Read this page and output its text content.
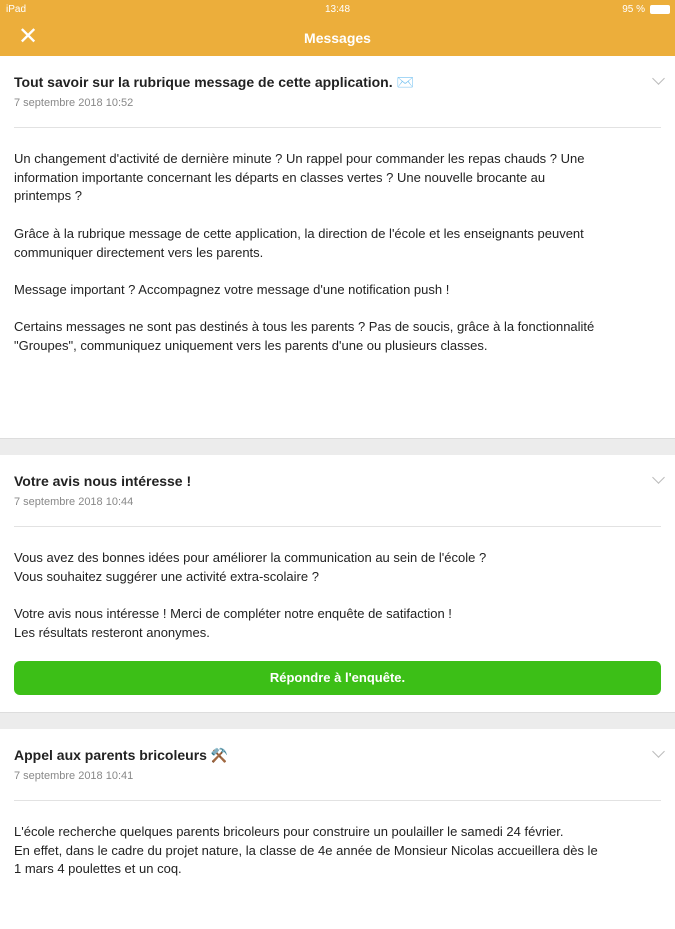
iPad	13:48	95 %
✕	Messages
Tout savoir sur la rubrique message de cette application. ✉️
7 septembre 2018 10:52

Un changement d'activité de dernière minute ? Un rappel pour commander les repas chauds ? Une
information importante concernant les départs en classes vertes ? Une nouvelle brocante au
printemps ?

Grâce à la rubrique message de cette application, la direction de l'école et les enseignants peuvent
communiquer directement vers les parents.

Message important ? Accompagnez votre message d'une notification push !

Certains messages ne sont pas destinés à tous les parents ? Pas de soucis, grâce à la fonctionnalité
"Groupes", communiquez uniquement vers les parents d'une ou plusieurs classes.

Votre avis nous intéresse !
7 septembre 2018 10:44

Vous avez des bonnes idées pour améliorer la communication au sein de l'école ?
Vous souhaitez suggérer une activité extra-scolaire ?

Votre avis nous intéresse ! Merci de compléter notre enquête de satifaction !
Les résultats resteront anonymes.

Répondre à l'enquête.
Appel aux parents bricoleurs ⚒️
7 septembre 2018 10:41

L'école recherche quelques parents bricoleurs pour construire un poulailler le samedi 24 février.
En effet, dans le cadre du projet nature, la classe de 4e année de Monsieur Nicolas accueillera dès le
1 mars 4 poulettes et un coq.
